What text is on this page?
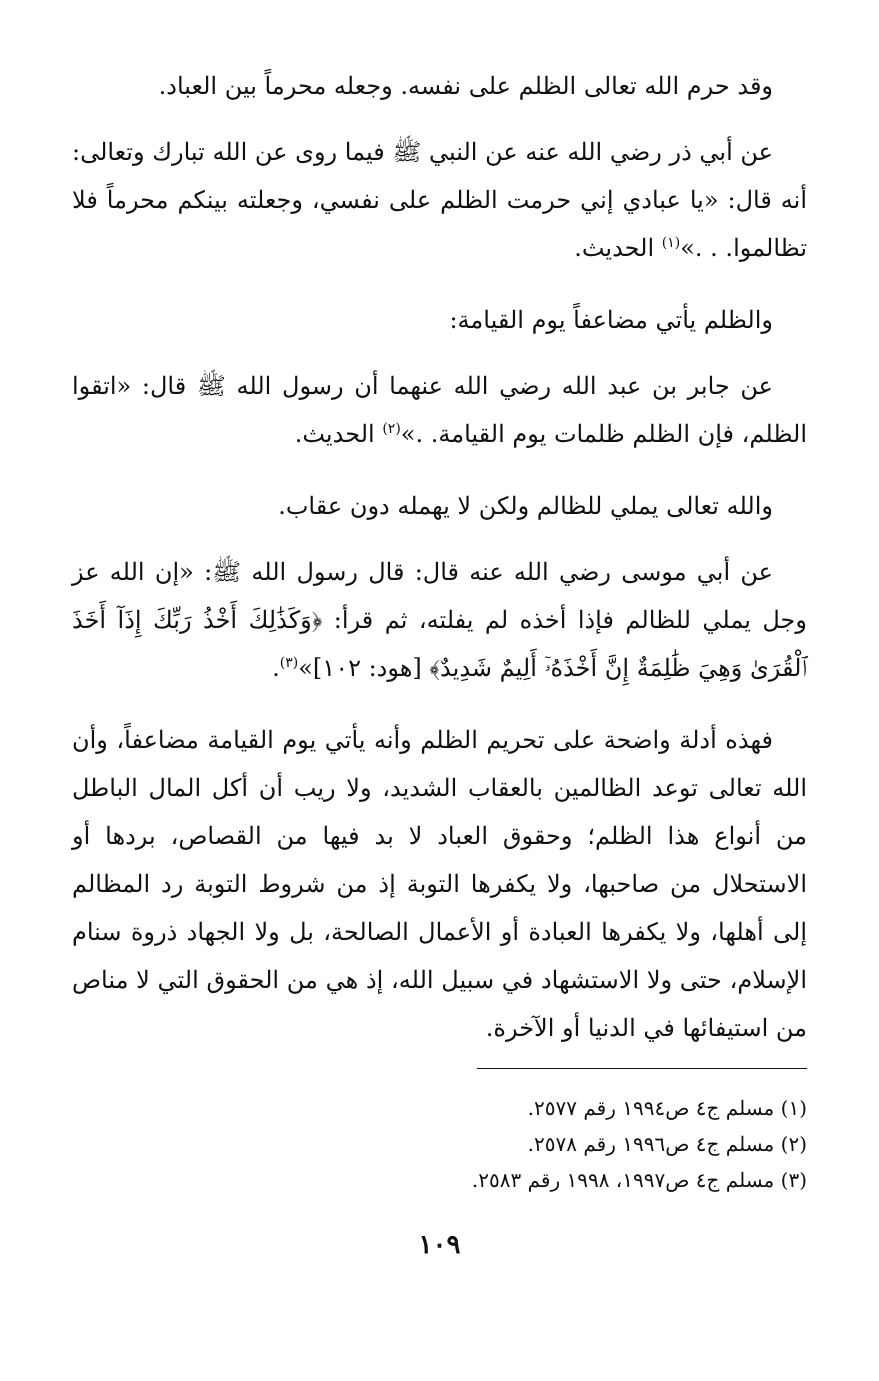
وقد حرم الله تعالى الظلم على نفسه. وجعله محرماً بين العباد.

عن أبي ذر رضي الله عنه عن النبي ﷺ فيما روى عن الله تبارك وتعالى: أنه قال: «يا عبادي إني حرمت الظلم على نفسي، وجعلته بينكم محرماً فلا تظالموا. . .»$^{(١)}$ الحديث.

والظلم يأتي مضاعفاً يوم القيامة:

عن جابر بن عبد الله رضي الله عنهما أن رسول الله ﷺ قال: «اتقوا الظلم، فإن الظلم ظلمات يوم القيامة. .»$^{(٢)}$ الحديث.

والله تعالى يملي للظالم ولكن لا يهمله دون عقاب.

عن أبي موسى رضي الله عنه قال: قال رسول الله ﷺ: «إن الله عز وجل يملي للظالم فإذا أخذه لم يفلته، ثم قرأ: ﴿وَكَذَٰلِكَ أَخْذُ رَبِّكَ إِذَآ أَخَذَ ٱلْقُرَىٰ وَهِيَ ظَٰلِمَةٌ إِنَّ أَخْذَهُۥٓ أَلِيمٌ شَدِيدٌ﴾ [هود: ١٠٢]»$^{(٣)}$.

فهذه أدلة واضحة على تحريم الظلم وأنه يأتي يوم القيامة مضاعفاً، وأن الله تعالى توعد الظالمين بالعقاب الشديد، ولا ريب أن أكل المال الباطل من أنواع هذا الظلم؛ وحقوق العباد لا بد فيها من القصاص، بردها أو الاستحلال من صاحبها، ولا يكفرها التوبة إذ من شروط التوبة رد المظالم إلى أهلها، ولا يكفرها العبادة أو الأعمال الصالحة، بل ولا الجهاد ذروة سنام الإسلام، حتى ولا الاستشهاد في سبيل الله، إذ هي من الحقوق التي لا مناص من استيفائها في الدنيا أو الآخرة.

(١) مسلم ج٤ ص١٩٩٤ رقم ٢٥٧٧.

(٢) مسلم ج٤ ص١٩٩٦ رقم ٢٥٧٨.

(٣) مسلم ج٤ ص١٩٩٧، ١٩٩٨ رقم ٢٥٨٣.

١٠٩
